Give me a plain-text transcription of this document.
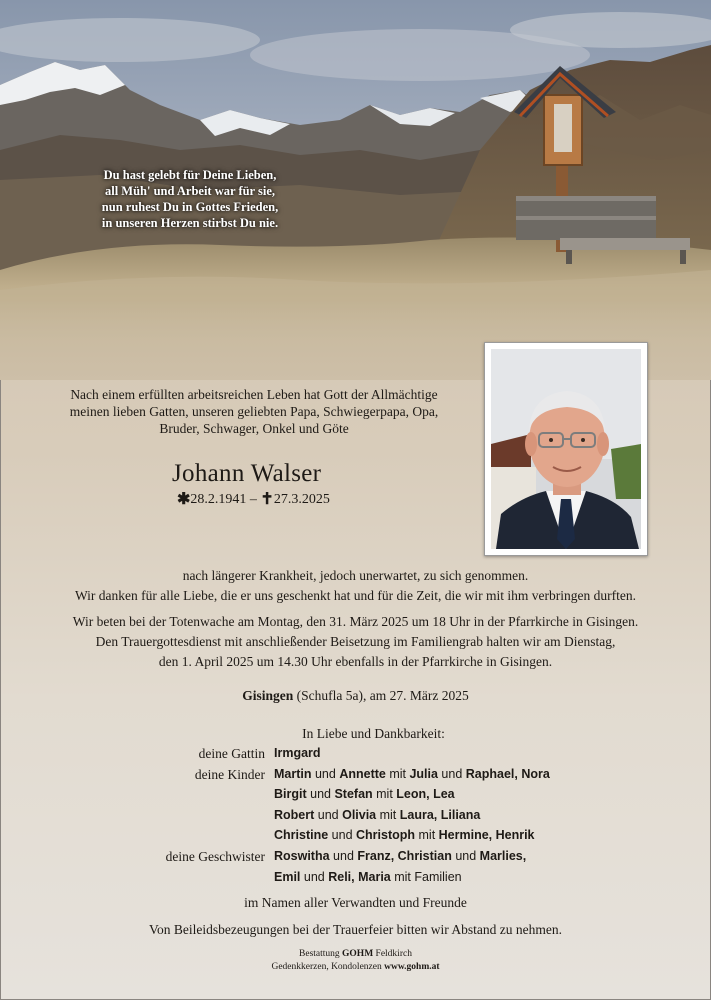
Du hast gelebt für Deine Lieben,
all Müh' und Arbeit war für sie,
nun ruhest Du in Gottes Frieden,
in unseren Herzen stirbst Du nie.
Nach einem erfüllten arbeitsreichen Leben hat Gott der Allmächtige
meinen lieben Gatten, unseren geliebten Papa, Schwiegerpapa, Opa,
Bruder, Schwager, Onkel und Göte
Johann Walser
✱28.2.1941 – ✝27.3.2025
nach längerer Krankheit, jedoch unerwartet, zu sich genommen.
Wir danken für alle Liebe, die er uns geschenkt hat und für die Zeit, die wir mit ihm verbringen durften.
Wir beten bei der Totenwache am Montag, den 31. März 2025 um 18 Uhr in der Pfarrkirche in Gisingen.
Den Trauergottesdienst mit anschließender Beisetzung im Familiengrab halten wir am Dienstag,
den 1. April 2025 um 14.30 Uhr ebenfalls in der Pfarrkirche in Gisingen.
Gisingen (Schufla 5a), am 27. März 2025
In Liebe und Dankbarkeit:
deine Gattin Irmgard
deine Kinder Martin und Annette mit Julia und Raphael, Nora
Birgit und Stefan mit Leon, Lea
Robert und Olivia mit Laura, Liliana
Christine und Christoph mit Hermine, Henrik
deine Geschwister Roswitha und Franz, Christian und Marlies,
Emil und Reli, Maria mit Familien
im Namen aller Verwandten und Freunde
Von Beileidsbezeugungen bei der Trauerfeier bitten wir Abstand zu nehmen.
Bestattung GOHM Feldkirch
Gedenkkerzen, Kondolenzen www.gohm.at
